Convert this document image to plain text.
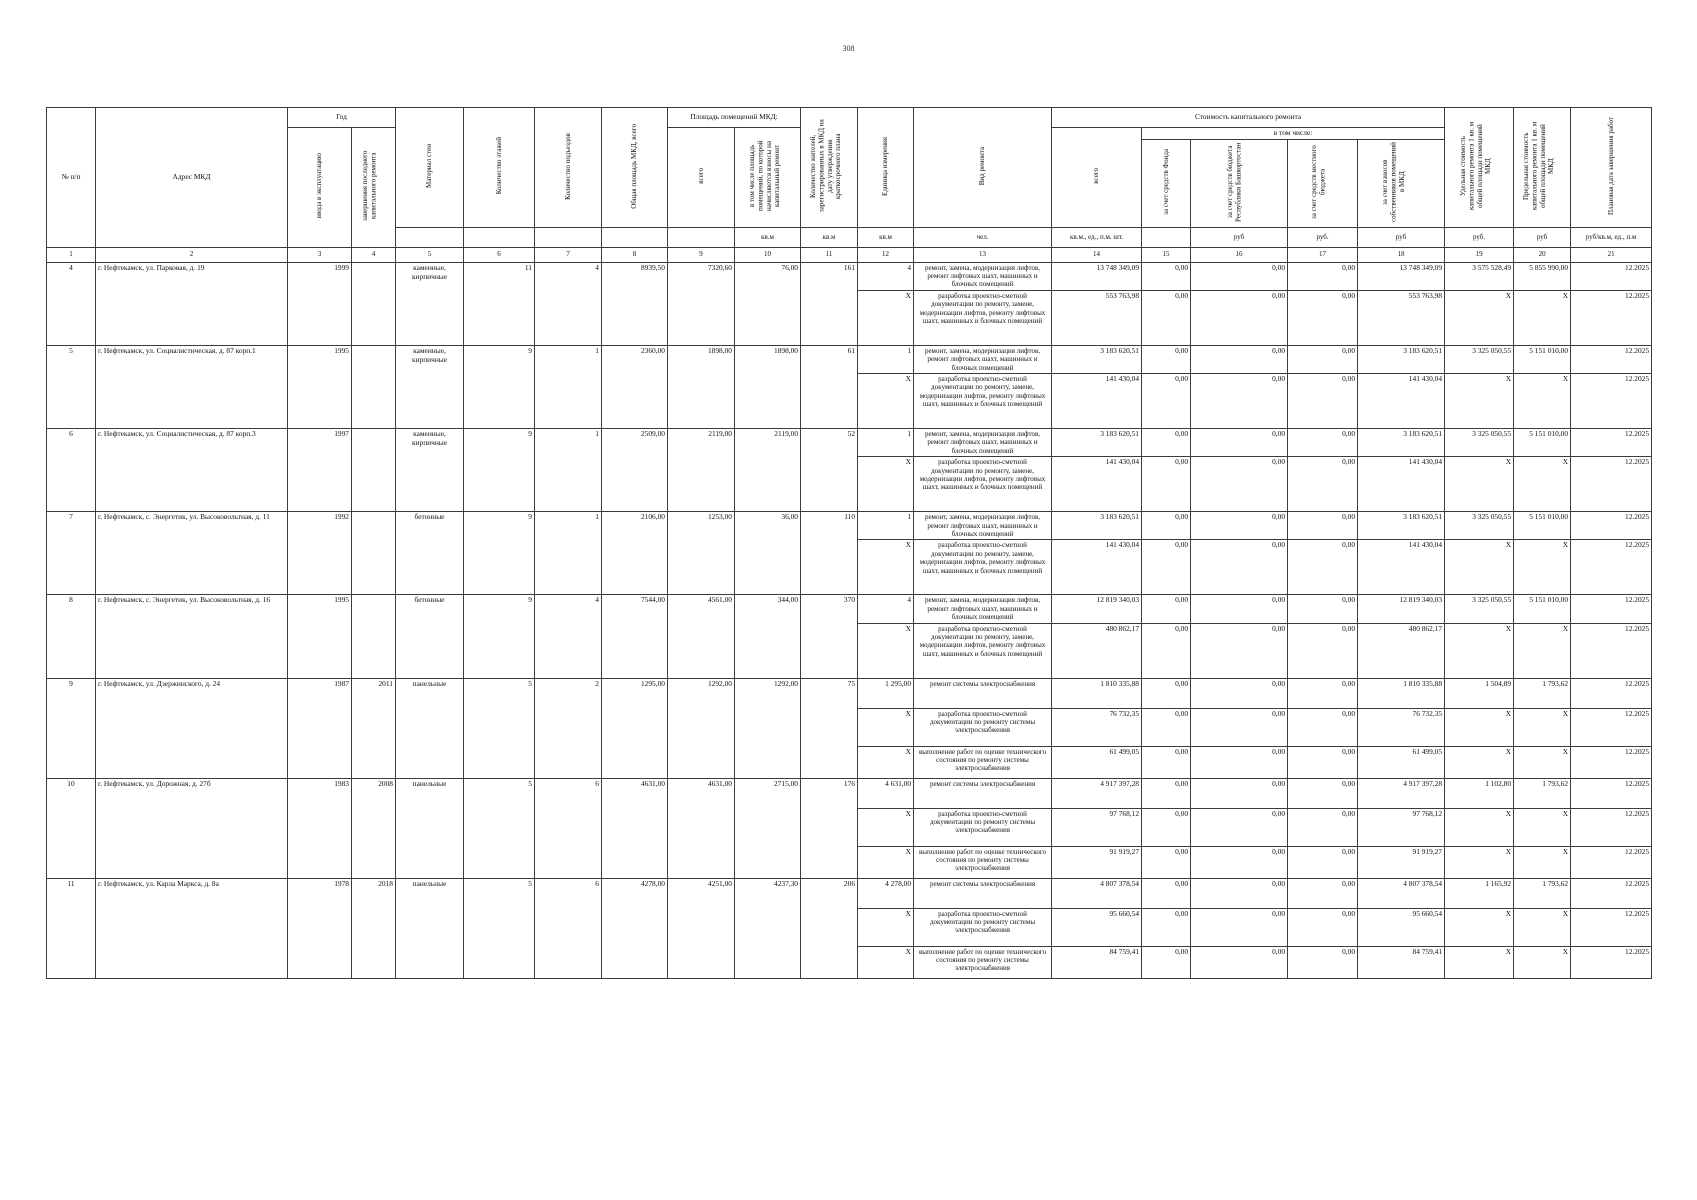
308
№ п/п	Адрес МКД	Год		Материал стен	Количество этажей	Количество подъездов	Общая площадь МКД, всего	Площадь помещений МКД:		Количество жителей, зарегистрированных в МКД на дату утверждения краткосрочного плана	Единица измерения	Вид ремонта	Стоимость капитального ремонта					Удельная стоимость капитального ремонта 1 кв. м общей площади помещений МКД	Предельная стоимость капитального ремонта 1 кв. м общей площади помещений МКД	Плановая дата завершения работ	
		ввода в эксплуатацию	завершения последнего капитального ремонта					всего	в том числе площадь помещений, по которой начисляются взносы на капитальный ремонт				всего	в том числе:							
														за счет средств Фонда	за счет средств бюджета Республики Башкортостан	за счет средств местного бюджета	за счет взносов собственников помещений в МКД				
									кв.м	кв.м	кв.м	чел.	кв.м., ед., п.м. шт.		руб	руб.	руб	руб.	руб	руб/кв.м, ед., п.м		
1	2	3	4	5	6	7	8	9	10	11	12	13	14	15	16	17	18	19	20	21	
4	г. Нефтекамск, ул. Парковая, д. 19	1999		каменные, кирпичные	11	4	8939,50	7320,60	76,00	161	4	ремонт, замена, модернизация лифтов, ремонт лифтовых шахт, машинных и блочных помещений	13 748 349,09	0,00	0,00	0,00	13 748 349,09	3 575 528,49	5 855 990,00	12.2025	
											X	разработка проектно-сметной документации по ремонту, замене, модернизации лифтов, ремонту лифтовых шахт, машинных и блочных помещений	553 763,98	0,00	0,00	0,00	553 763,98	X	X	12.2025	
5	г. Нефтекамск, ул. Социалистическая, д. 87 корп.1	1995		каменные, кирпичные	9	1	2360,00	1898,00	1898,00	61	1	ремонт, замена, модернизация лифтов, ремонт лифтовых шахт, машинных и блочных помещений	3 183 620,51	0,00	0,00	0,00	3 183 620,51	3 325 050,55	5 151 010,00	12.2025	
											X	разработка проектно-сметной документации по ремонту, замене, модернизации лифтов, ремонту лифтовых шахт, машинных и блочных помещений	141 430,04	0,00	0,00	0,00	141 430,04	X	X	12.2025	
6	г. Нефтекамск, ул. Социалистическая, д. 87 корп.3	1997		каменные, кирпичные	9	1	2509,00	2119,00	2119,00	52	1	ремонт, замена, модернизация лифтов, ремонт лифтовых шахт, машинных и блочных помещений	3 183 620,51	0,00	0,00	0,00	3 183 620,51	3 325 050,55	5 151 010,00	12.2025	
											X	разработка проектно-сметной документации по ремонту, замене, модернизации лифтов, ремонту лифтовых шахт, машинных и блочных помещений	141 430,04	0,00	0,00	0,00	141 430,04	X	X	12.2025	
7	г. Нефтекамск, с. Энергетик, ул. Высоковольтная, д. 11	1992		бетонные	9	1	2106,00	1253,00	36,00	110	1	ремонт, замена, модернизация лифтов, ремонт лифтовых шахт, машинных и блочных помещений	3 183 620,51	0,00	0,00	0,00	3 183 620,51	3 325 050,55	5 151 010,00	12.2025	
											X	разработка проектно-сметной документации по ремонту, замене, модернизации лифтов, ремонту лифтовых шахт, машинных и блочных помещений	141 430,04	0,00	0,00	0,00	141 430,04	X	X	12.2025	
8	г. Нефтекамск, с. Энергетик, ул. Высоковольтная, д. 16	1995		бетонные	9	4	7544,00	4561,00	344,00	370	4	ремонт, замена, модернизация лифтов, ремонт лифтовых шахт, машинных и блочных помещений	12 819 340,03	0,00	0,00	0,00	12 819 340,03	3 325 050,55	5 151 010,00	12.2025	
											X	разработка проектно-сметной документации по ремонту, замене, модернизации лифтов, ремонту лифтовых шахт, машинных и блочных помещений	480 862,17	0,00	0,00	0,00	480 862,17	X	X	12.2025	
9	г. Нефтекамск, ул. Дзержинского, д. 24	1987	2011	панельные	5	2	1295,00	1292,00	1292,00	75	1 295,00	ремонт системы электроснабжения	1 810 335,88	0,00	0,00	0,00	1 810 335,88	1 504,89	1 793,62	12.2025	
											X	разработка проектно-сметной документации по ремонту системы электроснабжения	76 732,35	0,00	0,00	0,00	76 732,35	X	X	12.2025	
											X	выполнение работ по оценке технического состояния по ремонту системы электроснабжения	61 499,05	0,00	0,00	0,00	61 499,05	X	X	12.2025	
10	г. Нефтекамск, ул. Дорожная, д. 27б	1983	2008	панельные	5	6	4631,00	4631,00	2715,00	176	4 631,00	ремонт системы электроснабжения	4 917 397,28	0,00	0,00	0,00	4 917 397,28	1 102,80	1 793,62	12.2025	
											X	разработка проектно-сметной документации по ремонту системы электроснабжения	97 768,12	0,00	0,00	0,00	97 768,12	X	X	12.2025	
											X	выполнение работ по оценке технического состояния по ремонту системы электроснабжения	91 919,27	0,00	0,00	0,00	91 919,27	X	X	12.2025	
11	г. Нефтекамск, ул. Карла Маркса, д. 8а	1978	2018	панельные	5	6	4278,00	4251,00	4237,30	206	4 278,00	ремонт системы электроснабжения	4 807 378,54	0,00	0,00	0,00	4 807 378,54	1 165,92	1 793,62	12.2025	
											X	разработка проектно-сметной документации по ремонту системы электроснабжения	95 660,54	0,00	0,00	0,00	95 660,54	X	X	12.2025	
											X	выполнение работ по оценке технического состояния по ремонту системы электроснабжения	84 759,41	0,00	0,00	0,00	84 759,41	X	X	12.2025	
